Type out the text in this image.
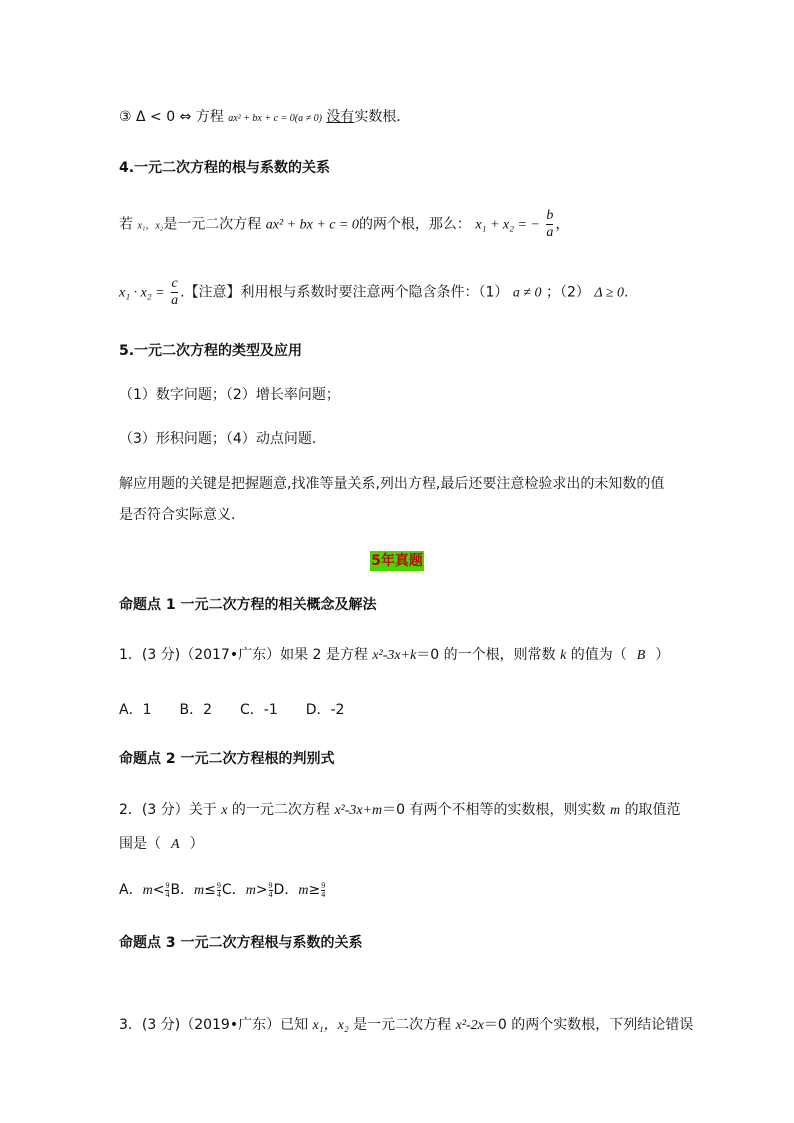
③ Δ < 0 ⇔ 方程 ax² + bx + c = 0(a ≠ 0) 没有实数根．
4.一元二次方程的根与系数的关系
若 x₁，x₂是一元二次方程 ax² + bx + c = 0的两个根，那么： x₁ + x₂ = − $\frac{b}{a}$ ，
$x_1 \cdot x_2 = \frac{c}{a}$ .【注意】利用根与系数时要注意两个隐含条件：（1） a ≠ 0 ；（2） Δ ≥ 0.
5.一元二次方程的类型及应用
（1）数字问题；（2）增长率问题；
（3）形积问题；（4）动点问题．
解应用题的关键是把握题意,找准等量关系,列出方程,最后还要注意检验求出的未知数的值
是否符合实际意义.
5年真题
命题点 1 一元二次方程的相关概念及解法
1．(3 分)（2017•广东）如果 2 是方程 x²-3x+k＝0 的一个根，则常数 k 的值为（ B ）
A．1　　B．2　　C．-1　　D．-2
命题点 2 一元二次方程根的判别式
2．(3 分）关于 x 的一元二次方程 x²-3x+m＝0 有两个不相等的实数根，则实数 m 的取值范
围是（ A ）
A．$m<\frac{9}{4}B$．$m\le\frac{9}{4}C$．$m>\frac{9}{4}D$．$m\ge\frac{9}{4}$
命题点 3 一元二次方程根与系数的关系
3．(3 分)（2019•广东）已知 x₁，x₂ 是一元二次方程 x²-2x＝0 的两个实数根，下列结论错误
